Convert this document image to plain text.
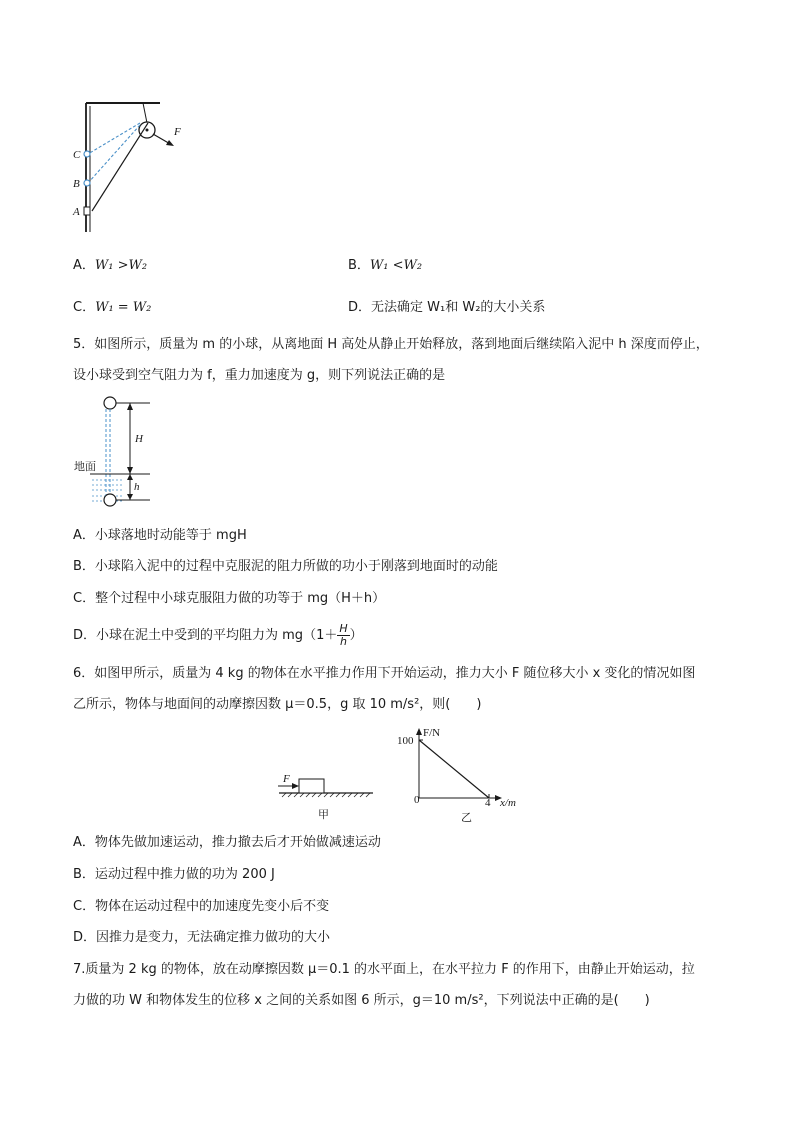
C
B
A
F
A．W₁ >W₂	B．W₁ <W₂
C．W₁ = W₂	D．无法确定 W₁和 W₂的大小关系
5．如图所示，质量为 m 的小球，从离地面 H 高处从静止开始释放，落到地面后继续陷入泥中 h 深度而停止，
设小球受到空气阻力为 f，重力加速度为 g，则下列说法正确的是
H
h
地面
A．小球落地时动能等于 mgH
B．小球陷入泥中的过程中克服泥的阻力所做的功小于刚落到地面时的动能
C．整个过程中小球克服阻力做的功等于 mg（H＋h）
D．小球在泥土中受到的平均阻力为 $mg(1+ \frac{H}{h}$ ）
6．如图甲所示，质量为 4 kg 的物体在水平推力作用下开始运动，推力大小 F 随位移大小 x 变化的情况如图
乙所示，物体与地面间的动摩擦因数 μ＝0.5，g 取 10 m/s²，则(　　)
F
甲
F/N
x/m
100
0	4
乙
A．物体先做加速运动，推力撤去后才开始做减速运动
B．运动过程中推力做的功为 200 J
C．物体在运动过程中的加速度先变小后不变
D．因推力是变力，无法确定推力做功的大小
7.质量为 2 kg 的物体，放在动摩擦因数 μ＝0.1 的水平面上，在水平拉力 F 的作用下，由静止开始运动，拉
力做的功 W 和物体发生的位移 x 之间的关系如图 6 所示，g＝10 m/s²，下列说法中正确的是(　　)
